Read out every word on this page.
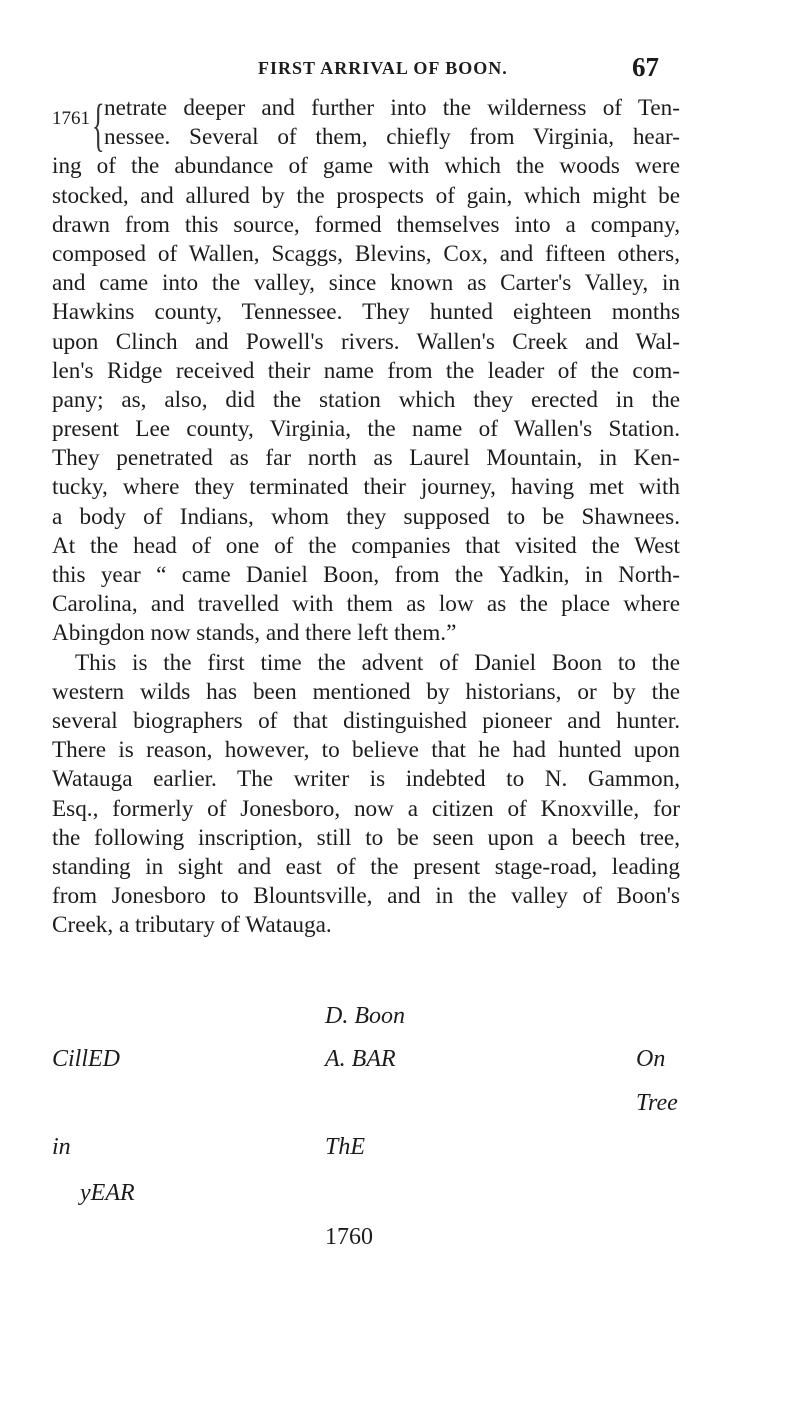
FIRST ARRIVAL OF BOON.	67
1761 { netrate deeper and further into the wilderness of Ten-
nessee. Several of them, chiefly from Virginia, hear-
ing of the abundance of game with which the woods were
stocked, and allured by the prospects of gain, which might be
drawn from this source, formed themselves into a company,
composed of Wallen, Scaggs, Blevins, Cox, and fifteen others,
and came into the valley, since known as Carter's Valley, in
Hawkins county, Tennessee. They hunted eighteen months
upon Clinch and Powell's rivers. Wallen's Creek and Wal-
len's Ridge received their name from the leader of the com-
pany; as, also, did the station which they erected in the
present Lee county, Virginia, the name of Wallen's Station.
They penetrated as far north as Laurel Mountain, in Ken-
tucky, where they terminated their journey, having met with
a body of Indians, whom they supposed to be Shawnees.
At the head of one of the companies that visited the West
this year “ came Daniel Boon, from the Yadkin, in North-
Carolina, and travelled with them as low as the place where
Abingdon now stands, and there left them.”
This is the first time the advent of Daniel Boon to the
western wilds has been mentioned by historians, or by the
several biographers of that distinguished pioneer and hunter.
There is reason, however, to believe that he had hunted upon
Watauga earlier. The writer is indebted to N. Gammon,
Esq., formerly of Jonesboro, now a citizen of Knoxville, for
the following inscription, still to be seen upon a beech tree,
standing in sight and east of the present stage-road, leading
from Jonesboro to Blountsville, and in the valley of Boon's
Creek, a tributary of Watauga.
D. Boon
CillED	A. BAR	On
Tree
in	ThE
yEAR
1760
